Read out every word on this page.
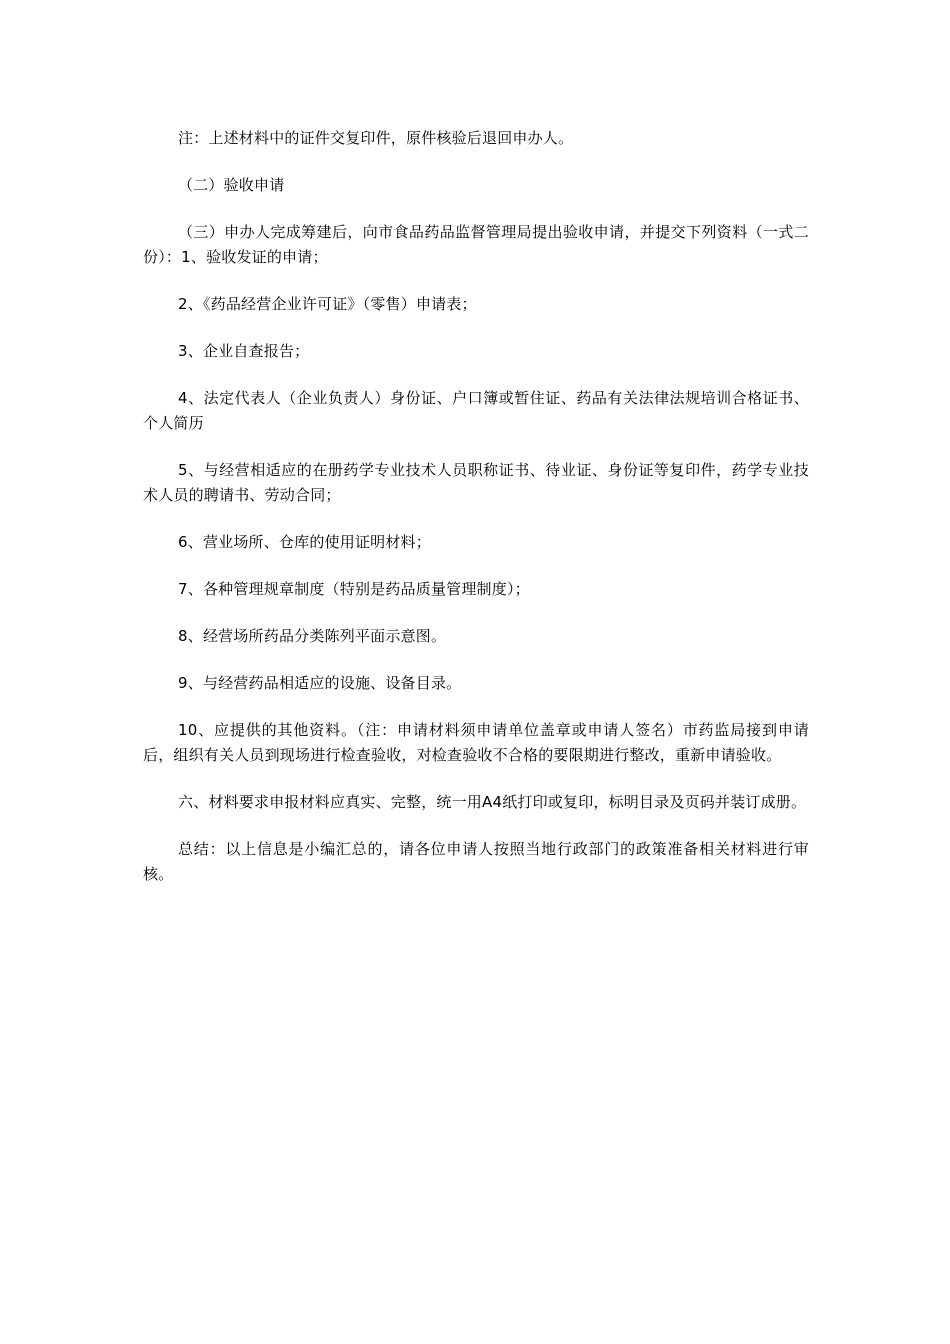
注：上述材料中的证件交复印件，原件核验后退回申办人。

（二）验收申请

（三）申办人完成筹建后，向市食品药品监督管理局提出验收申请，并提交下列资料（一式二份）：1、验收发证的申请；

2、《药品经营企业许可证》（零售）申请表；

3、企业自查报告；

4、法定代表人（企业负责人）身份证、户口簿或暂住证、药品有关法律法规培训合格证书、个人简历

5、与经营相适应的在册药学专业技术人员职称证书、待业证、身份证等复印件，药学专业技术人员的聘请书、劳动合同；

6、营业场所、仓库的使用证明材料；

7、各种管理规章制度（特别是药品质量管理制度）；

8、经营场所药品分类陈列平面示意图。

9、与经营药品相适应的设施、设备目录。

10、应提供的其他资料。（注：申请材料须申请单位盖章或申请人签名）市药监局接到申请后，组织有关人员到现场进行检查验收，对检查验收不合格的要限期进行整改，重新申请验收。

六、材料要求申报材料应真实、完整，统一用A4纸打印或复印，标明目录及页码并装订成册。

总结：以上信息是小编汇总的，请各位申请人按照当地行政部门的政策准备相关材料进行审核。
